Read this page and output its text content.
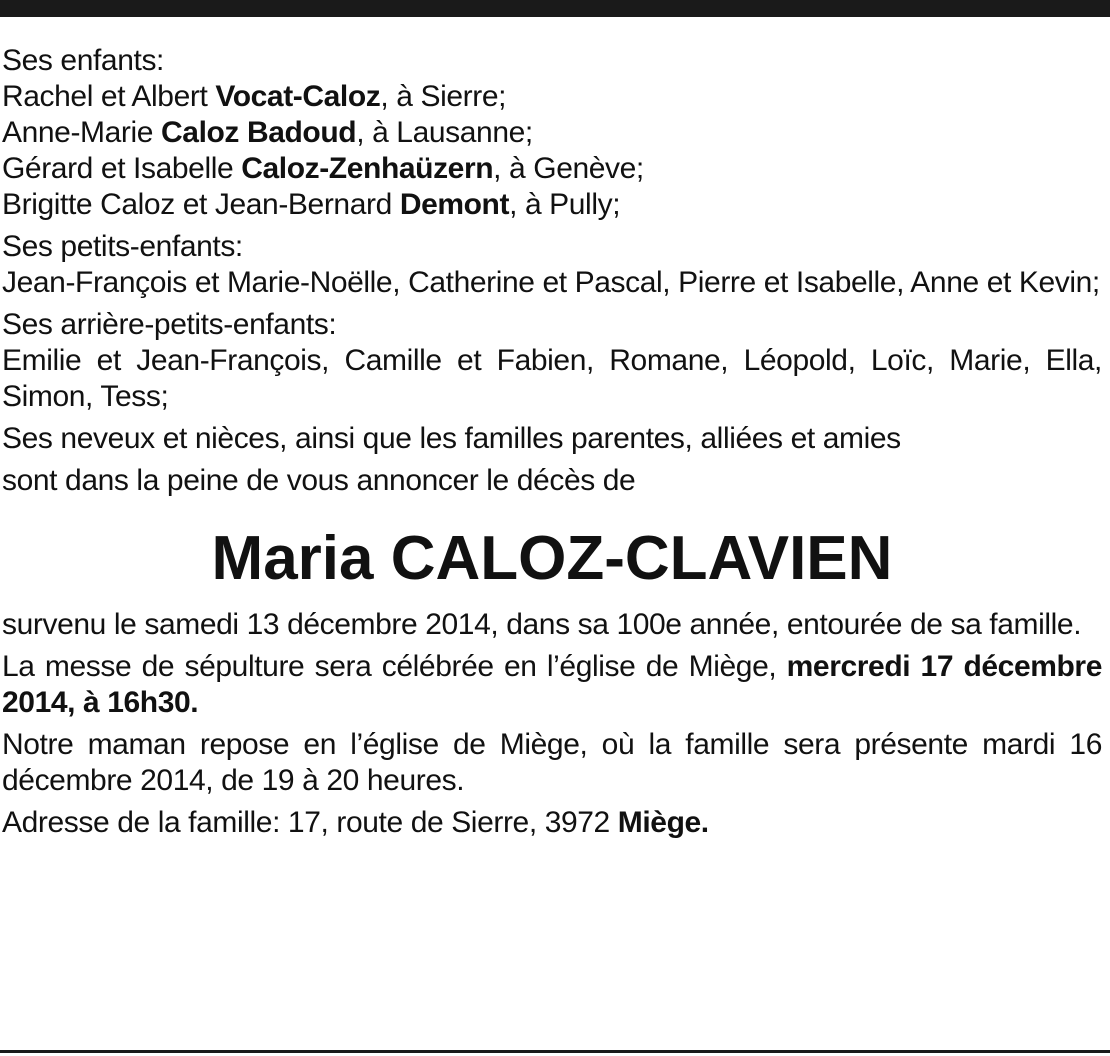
Ses enfants:
Rachel et Albert Vocat-Caloz, à Sierre;
Anne-Marie Caloz Badoud, à Lausanne;
Gérard et Isabelle Caloz-Zenhaüzern, à Genève;
Brigitte Caloz et Jean-Bernard Demont, à Pully;
Ses petits-enfants:
Jean-François et Marie-Noëlle, Catherine et Pascal, Pierre et Isabelle, Anne et Kevin;
Ses arrière-petits-enfants:
Emilie et Jean-François, Camille et Fabien, Romane, Léopold, Loïc, Marie, Ella, Simon, Tess;
Ses neveux et nièces, ainsi que les familles parentes, alliées et amies
sont dans la peine de vous annoncer le décès de
Maria CALOZ-CLAVIEN
survenu le samedi 13 décembre 2014, dans sa 100e année, entourée de sa famille.
La messe de sépulture sera célébrée en l’église de Miège, mercredi 17 décembre 2014, à 16h30.
Notre maman repose en l’église de Miège, où la famille sera présente mardi 16 décembre 2014, de 19 à 20 heures.
Adresse de la famille: 17, route de Sierre, 3972 Miège.
